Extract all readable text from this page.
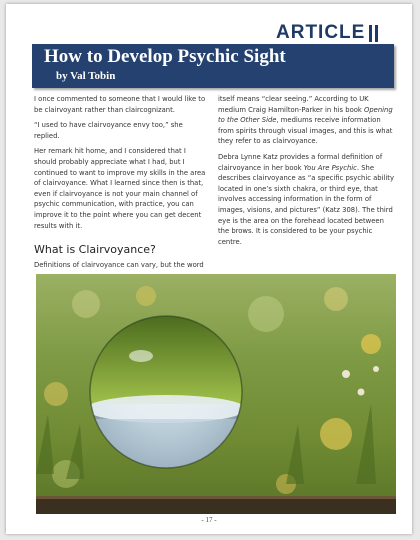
ARTICLE
How to Develop Psychic Sight
by Val Tobin

I once commented to someone that I would like to be clairvoyant rather than claircognizant.

“I used to have clairvoyance envy too,” she replied.

Her remark hit home, and I considered that I should probably appreciate what I had, but I continued to want to improve my skills in the area of clairvoyance. What I learned since then is that, even if clairvoyance is not your main channel of psychic communication, with practice, you can improve it to the point where you can get decent results with it.

What is Clairvoyance?

Definitions of clairvoyance can vary, but the word

itself means “clear seeing.” According to UK medium Craig Hamilton-Parker in his book Opening to the Other Side, mediums receive information from spirits through visual images, and this is what they refer to as clairvoyance.

Debra Lynne Katz provides a formal definition of clairvoyance in her book You Are Psychic. She describes clairvoyance as “a specific psychic ability located in one’s sixth chakra, or third eye, that involves accessing information in the form of images, visions, and pictures” (Katz 308). The third eye is the area on the forehead located between the brows. It is considered to be your psychic centre.

- 17 -
